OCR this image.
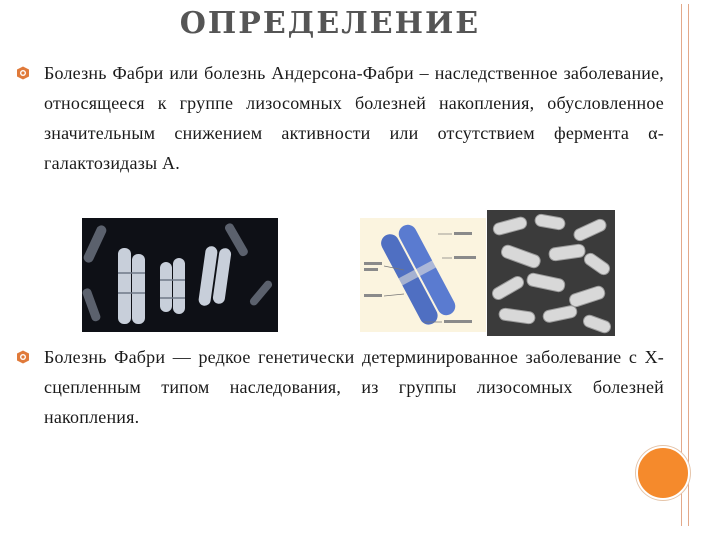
ОПРЕДЕЛЕНИЕ
Болезнь Фабри или болезнь Андерсона-Фабри – наследственное заболевание, относящееся к группе лизосомных болезней накопления, обусловленное значительным снижением активности или отсутствием фермента α-галактозидазы А.
Болезнь Фабри — редкое генетически детерминированное заболевание с Х-сцепленным типом наследования, из группы лизосомных болезней накопления.
